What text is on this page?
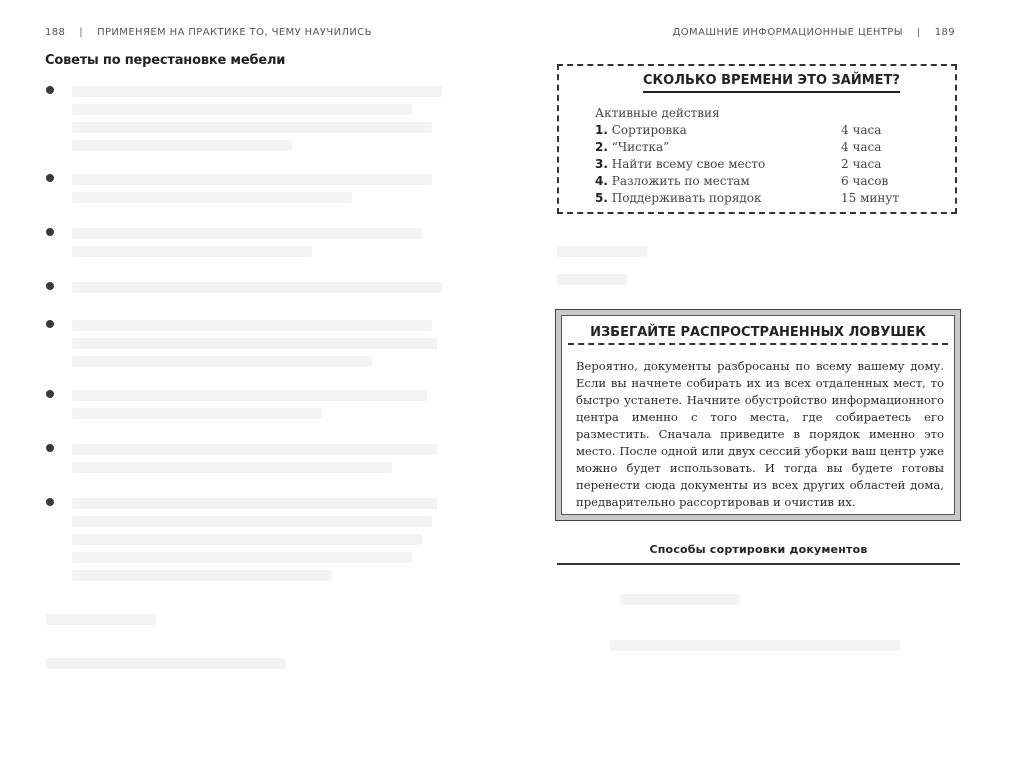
188 | ПРИМЕНЯЕМ НА ПРАКТИКЕ ТО, ЧЕМУ НАУЧИЛИСЬ	ДОМАШНИЕ ИНФОРМАЦИОННЫЕ ЦЕНТРЫ | 189
Советы по перестановке мебели
СКОЛЬКО ВРЕМЕНИ ЭТО ЗАЙМЕТ?
Активные действия
1. Сортировка	4 часа
2. “Чистка”	4 часа
3. Найти всему свое место	2 часа
4. Разложить по местам	6 часов
5. Поддерживать порядок	15 минут
ИЗБЕГАЙТЕ РАСПРОСТРАНЕННЫХ ЛОВУШЕК

Вероятно, документы разбросаны по всему вашему дому. Если вы начнете собирать их из всех отдаленных мест, то быстро устанете. Начните обустройство информационного центра именно с того места, где собираетесь его разместить. Сначала приведите в порядок именно это место. После одной или двух сессий уборки ваш центр уже можно будет использовать. И тогда вы будете готовы перенести сюда документы из всех других областей дома, предварительно рассортировав и очистив их.

Способы сортировки документов
